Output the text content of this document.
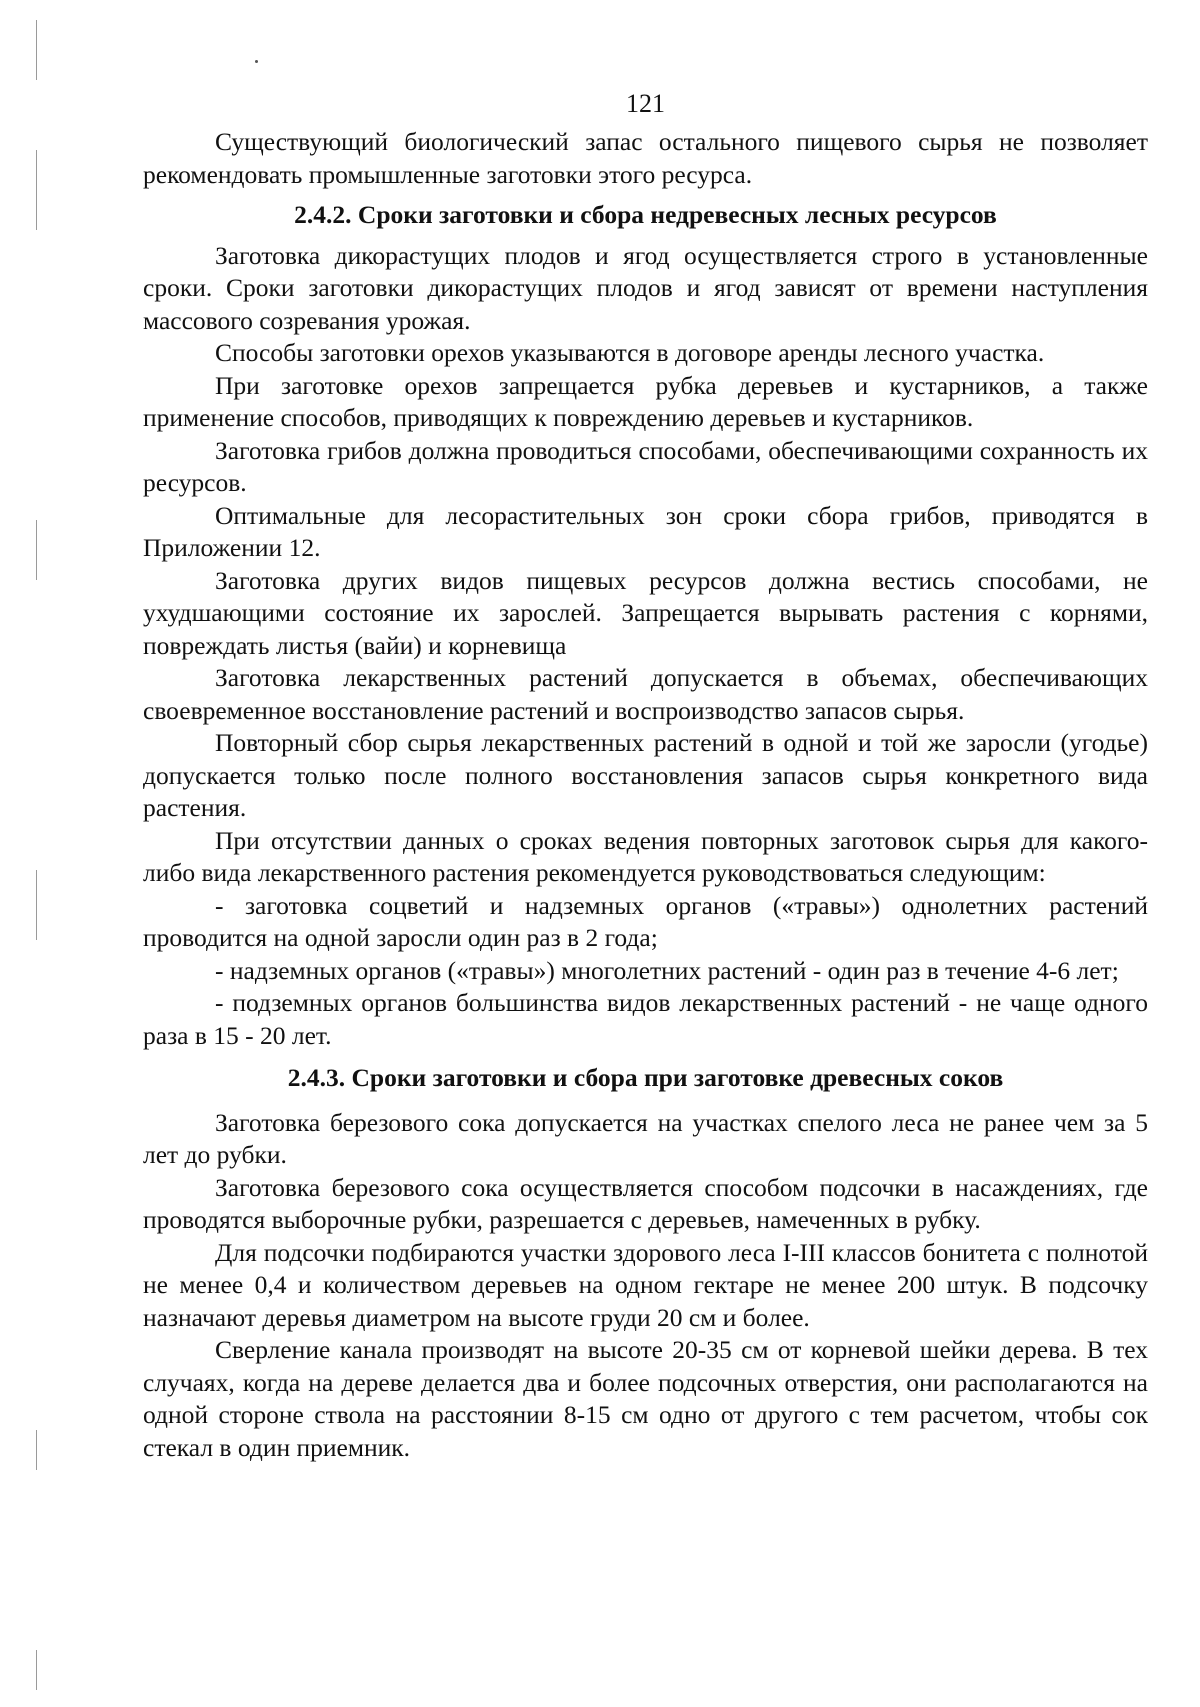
121

Существующий биологический запас остального пищевого сырья не позволяет рекомендовать промышленные заготовки этого ресурса.

2.4.2. Сроки заготовки и сбора недревесных лесных ресурсов

Заготовка дикорастущих плодов и ягод осуществляется строго в установленные сроки. Сроки заготовки дикорастущих плодов и ягод зависят от времени наступления массового созревания урожая.

Способы заготовки орехов указываются в договоре аренды лесного участка.

При заготовке орехов запрещается рубка деревьев и кустарников, а также применение способов, приводящих к повреждению деревьев и кустарников.

Заготовка грибов должна проводиться способами, обеспечивающими сохранность их ресурсов.

Оптимальные для лесорастительных зон сроки сбора грибов, приводятся в Приложении 12.

Заготовка других видов пищевых ресурсов должна вестись способами, не ухудшающими состояние их зарослей. Запрещается вырывать растения с корнями, повреждать листья (вайи) и корневища

Заготовка лекарственных растений допускается в объемах, обеспечивающих своевременное восстановление растений и воспроизводство запасов сырья.

Повторный сбор сырья лекарственных растений в одной и той же заросли (угодье) допускается только после полного восстановления запасов сырья конкретного вида растения.

При отсутствии данных о сроках ведения повторных заготовок сырья для какого-либо вида лекарственного растения рекомендуется руководствоваться следующим:

- заготовка соцветий и надземных органов («травы») однолетних растений проводится на одной заросли один раз в 2 года;

- надземных органов («травы») многолетних растений - один раз в течение 4-6 лет;

- подземных органов большинства видов лекарственных растений - не чаще одного раза в 15 - 20 лет.

2.4.3. Сроки заготовки и сбора при заготовке древесных соков

Заготовка березового сока допускается на участках спелого леса не ранее чем за 5 лет до рубки.

Заготовка березового сока осуществляется способом подсочки в насаждениях, где проводятся выборочные рубки, разрешается с деревьев, намеченных в рубку.

Для подсочки подбираются участки здорового леса I-III классов бонитета с полнотой не менее 0,4 и количеством деревьев на одном гектаре не менее 200 штук. В подсочку назначают деревья диаметром на высоте груди 20 см и более.

Сверление канала производят на высоте 20-35 см от корневой шейки дерева. В тех случаях, когда на дереве делается два и более подсочных отверстия, они располагаются на одной стороне ствола на расстоянии 8-15 см одно от другого с тем расчетом, чтобы сок стекал в один приемник.
